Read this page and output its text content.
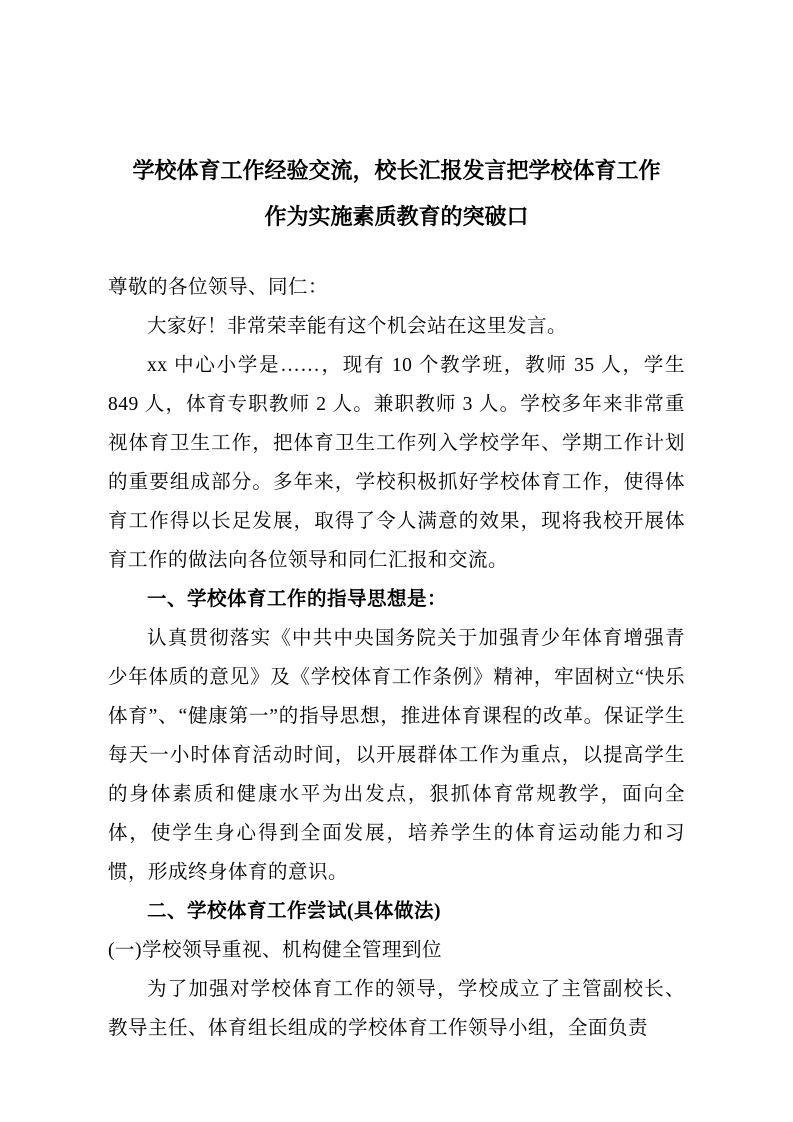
学校体育工作经验交流，校长汇报发言把学校体育工作
作为实施素质教育的突破口

尊敬的各位领导、同仁：

大家好！非常荣幸能有这个机会站在这里发言。

xx 中心小学是……，现有 10 个教学班，教师 35 人，学生 849 人，体育专职教师 2 人。兼职教师 3 人。学校多年来非常重视体育卫生工作，把体育卫生工作列入学校学年、学期工作计划的重要组成部分。多年来，学校积极抓好学校体育工作，使得体育工作得以长足发展，取得了令人满意的效果，现将我校开展体育工作的做法向各位领导和同仁汇报和交流。

一、学校体育工作的指导思想是：

认真贯彻落实《中共中央国务院关于加强青少年体育增强青少年体质的意见》及《学校体育工作条例》精神，牢固树立“快乐体育”、“健康第一”的指导思想，推进体育课程的改革。保证学生每天一小时体育活动时间，以开展群体工作为重点，以提高学生的身体素质和健康水平为出发点，狠抓体育常规教学，面向全体，使学生身心得到全面发展，培养学生的体育运动能力和习惯，形成终身体育的意识。

二、学校体育工作尝试(具体做法)

(一)学校领导重视、机构健全管理到位

为了加强对学校体育工作的领导，学校成立了主管副校长、教导主任、体育组长组成的学校体育工作领导小组，全面负责
